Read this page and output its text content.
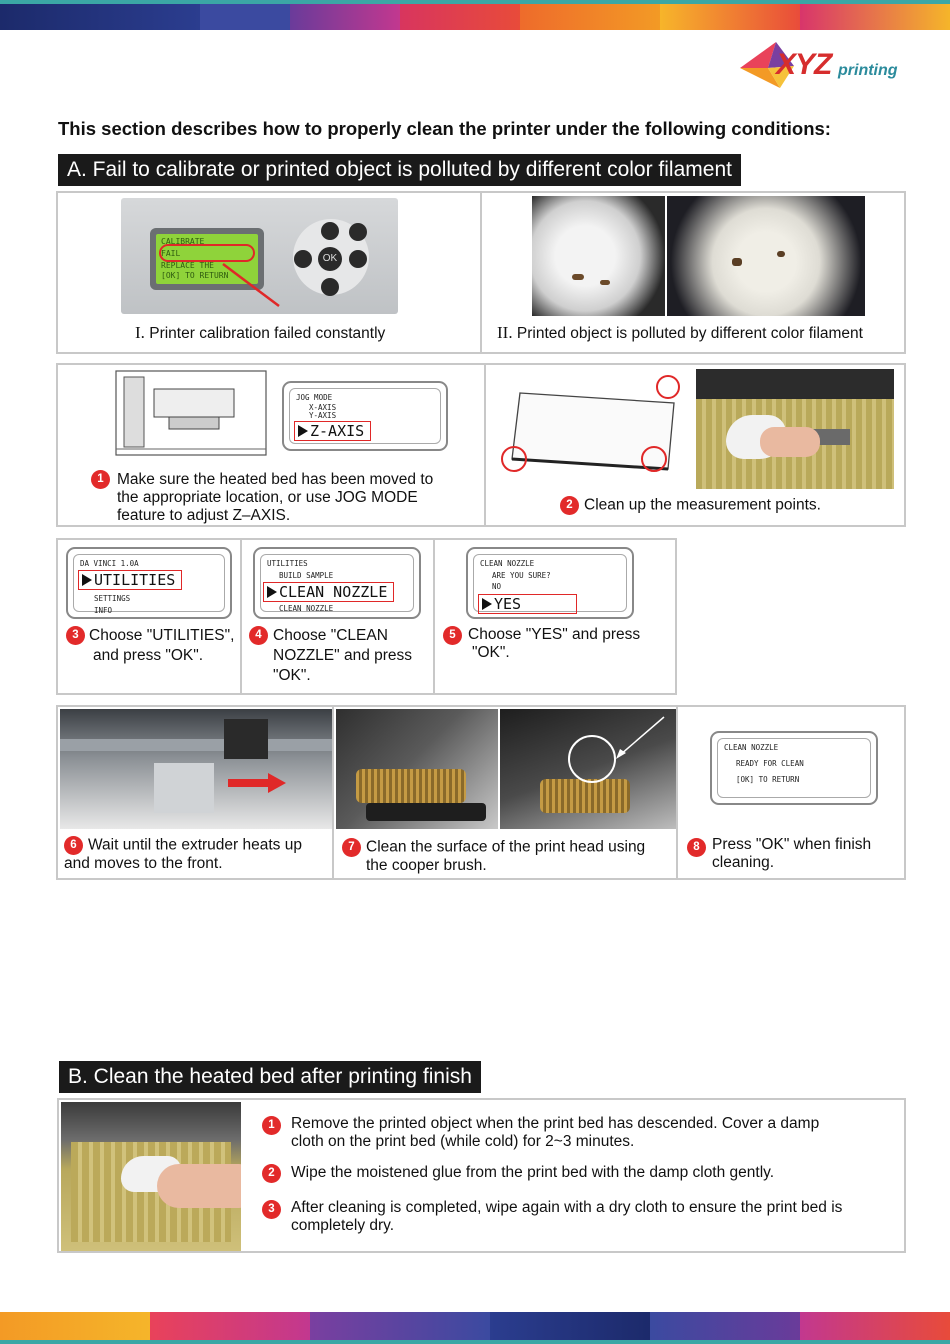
XYZ printing
This section describes how to properly clean the printer under the following conditions:
A. Fail to calibrate or printed object is polluted by different color filament
CALIBRATE
FAIL
REPLACE THE
[OK] TO RETURN
OK
I. Printer calibration failed constantly	II. Printed object is polluted by different color filament
JOG MODE
X-AXIS
Y-AXIS
Z-AXIS
1 Make sure the heated bed has been moved to
the appropriate location, or use JOG MODE
feature to adjust Z–AXIS.
2 Clean up the measurement points.
DA VINCI 1.0A
UTILITIES
SETTINGS
INFO
3 Choose "UTILITIES",
and press "OK".
UTILITIES
BUILD SAMPLE
CLEAN NOZZLE
CLEAN NOZZLE
4 Choose "CLEAN
NOZZLE" and press
"OK".
CLEAN NOZZLE
ARE YOU SURE?
NO
YES
5 Choose "YES" and press
"OK".
6 Wait until the extruder heats up
and moves to the front.
7 Clean the surface of the print head using
the cooper brush.
CLEAN NOZZLE
READY FOR CLEAN
[OK] TO RETURN
8 Press "OK" when finish
cleaning.
B. Clean the heated bed after printing finish
1	Remove the printed object when the print bed has descended. Cover a damp
cloth on the print bed (while cold) for 2~3 minutes.
2	Wipe the moistened glue from the print bed with the damp cloth gently.
3	After cleaning is completed, wipe again with a dry cloth to ensure the print bed is
completely dry.
